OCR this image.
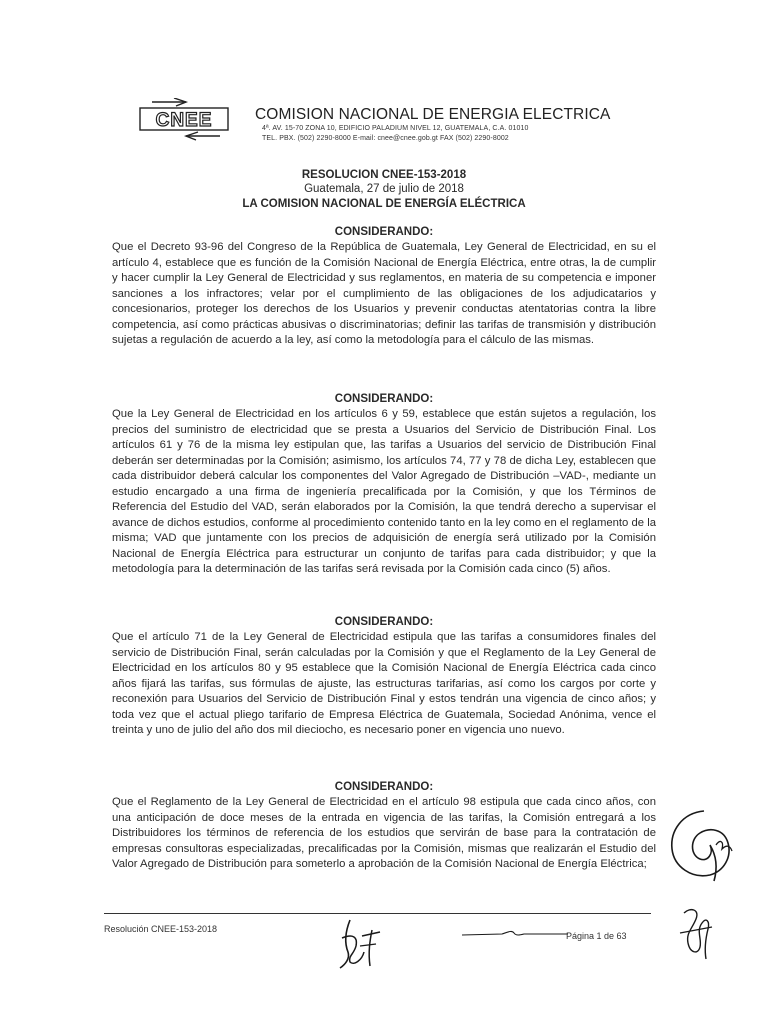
CNEE	COMISION NACIONAL DE ENERGIA ELECTRICA
4ª. AV. 15-70 ZONA 10, EDIFICIO PALADIUM NIVEL 12, GUATEMALA, C.A. 01010
TEL. PBX. (502) 2290-8000 E-mail: cnee@cnee.gob.gt FAX (502) 2290-8002
RESOLUCION CNEE-153-2018
Guatemala, 27 de julio de 2018
LA COMISION NACIONAL DE ENERGÍA ELÉCTRICA

CONSIDERANDO:

Que el Decreto 93-96 del Congreso de la República de Guatemala, Ley General de Electricidad, en su el artículo 4, establece que es función de la Comisión Nacional de Energía Eléctrica, entre otras, la de cumplir y hacer cumplir la Ley General de Electricidad y sus reglamentos, en materia de su competencia e imponer sanciones a los infractores; velar por el cumplimiento de las obligaciones de los adjudicatarios y concesionarios, proteger los derechos de los Usuarios y prevenir conductas atentatorias contra la libre competencia, así como prácticas abusivas o discriminatorias; definir las tarifas de transmisión y distribución sujetas a regulación de acuerdo a la ley, así como la metodología para el cálculo de las mismas.

CONSIDERANDO:

Que la Ley General de Electricidad en los artículos 6 y 59, establece que están sujetos a regulación, los precios del suministro de electricidad que se presta a Usuarios del Servicio de Distribución Final. Los artículos 61 y 76 de la misma ley estipulan que, las tarifas a Usuarios del servicio de Distribución Final deberán ser determinadas por la Comisión; asimismo, los artículos 74, 77 y 78 de dicha Ley, establecen que cada distribuidor deberá calcular los componentes del Valor Agregado de Distribución –VAD-, mediante un estudio encargado a una firma de ingeniería precalificada por la Comisión, y que los Términos de Referencia del Estudio del VAD, serán elaborados por la Comisión, la que tendrá derecho a supervisar el avance de dichos estudios, conforme al procedimiento contenido tanto en la ley como en el reglamento de la misma; VAD que juntamente con los precios de adquisición de energía será utilizado por la Comisión Nacional de Energía Eléctrica para estructurar un conjunto de tarifas para cada distribuidor; y que la metodología para la determinación de las tarifas será revisada por la Comisión cada cinco (5) años.

CONSIDERANDO:

Que el artículo 71 de la Ley General de Electricidad estipula que las tarifas a consumidores finales del servicio de Distribución Final, serán calculadas por la Comisión y que el Reglamento de la Ley General de Electricidad en los artículos 80 y 95 establece que la Comisión Nacional de Energía Eléctrica cada cinco años fijará las tarifas, sus fórmulas de ajuste, las estructuras tarifarias, así como los cargos por corte y reconexión para Usuarios del Servicio de Distribución Final y estos tendrán una vigencia de cinco años; y toda vez que el actual pliego tarifario de Empresa Eléctrica de Guatemala, Sociedad Anónima, vence el treinta y uno de julio del año dos mil dieciocho, es necesario poner en vigencia uno nuevo.

CONSIDERANDO:

Que el Reglamento de la Ley General de Electricidad en el artículo 98 estipula que cada cinco años, con una anticipación de doce meses de la entrada en vigencia de las tarifas, la Comisión entregará a los Distribuidores los términos de referencia de los estudios que servirán de base para la contratación de empresas consultoras especializadas, precalificadas por la Comisión, mismas que realizarán el Estudio del Valor Agregado de Distribución para someterlo a aprobación de la Comisión Nacional de Energía Eléctrica;

Resolución CNEE-153-2018
Página 1 de 63
